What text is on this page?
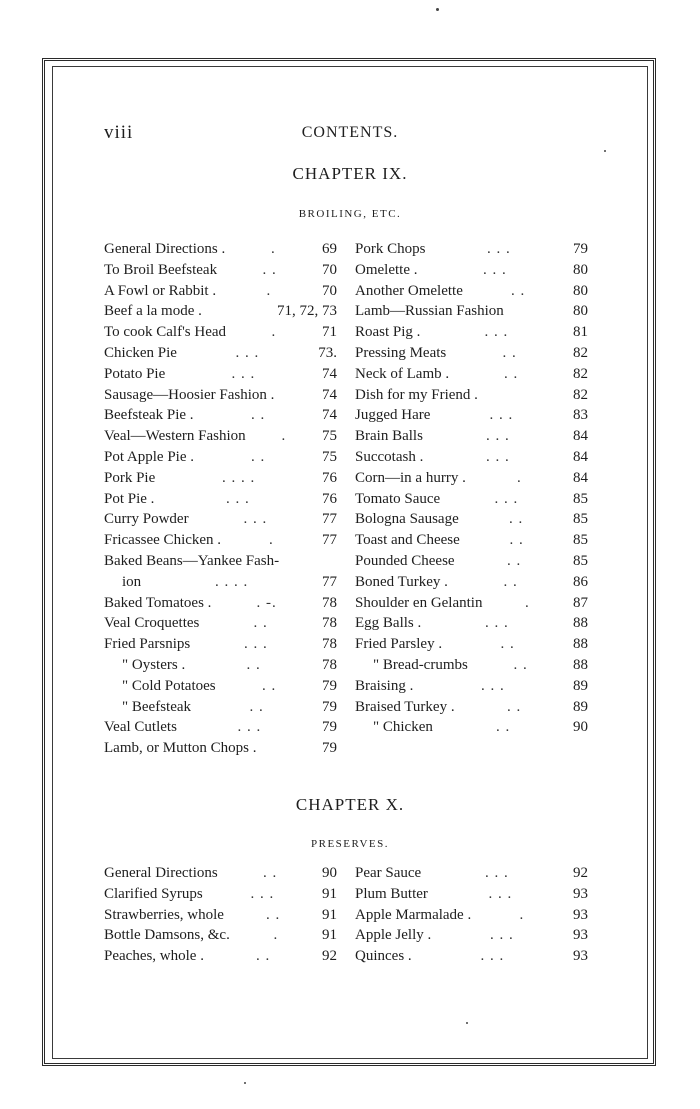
viii	CONTENTS.
CHAPTER IX.
BROILING, ETC.
General Directions .	.	69
To Broil Beefsteak	. .	70
A Fowl or Rabbit .	.	70
Beef a la mode .	71, 72, 73
To cook Calf's Head	.	71
Chicken Pie	. . .	73.
Potato Pie	. . .	74
Sausage—Hoosier Fashion .	74
Beefsteak Pie .	. .	74
Veal—Western Fashion . 75
Pot Apple Pie .	. .	75
Pork Pie	. . . .	76
Pot Pie .	. . .	76
Curry Powder	. . .	77
Fricassee Chicken .	.	77
Baked Beans—Yankee Fash-
ion	. . . .	77
Baked Tomatoes .	. -.	78
Veal Croquettes	. .	78
Fried Parsnips	. . .	78
" Oysters .	. .	78
" Cold Potatoes	. .	79
" Beefsteak	. .	79
Veal Cutlets	. . .	79
Lamb, or Mutton Chops .	79
Pork Chops	. . .	79
Omelette .	. . .	80
Another Omelette	. .	80
Lamb—Russian Fashion	80
Roast Pig .	. . .	81
Pressing Meats	. .	82
Neck of Lamb .	. .	82
Dish for my Friend .	82
Jugged Hare	. . .	83
Brain Balls	. . .	84
Succotash .	. . .	84
Corn—in a hurry .	.	84
Tomato Sauce	. . .	85
Bologna Sausage	. .	85
Toast and Cheese	. .	85
Pounded Cheese	. .	85
Boned Turkey .	. .	86
Shoulder en Gelantin	.	87
Egg Balls .	. . .	88
Fried Parsley .	. .	88
" Bread-crumbs	. .	88
Braising .	. . .	89
Braised Turkey .	. .	89
" Chicken	. .	90
CHAPTER X.
PRESERVES.
General Directions	. .	90
Clarified Syrups	. . .	91
Strawberries, whole	. .	91
Bottle Damsons, &c.	.	91
Peaches, whole .	. .	92
Pear Sauce	. . .	92
Plum Butter	. . .	93
Apple Marmalade .	.	93
Apple Jelly .	. . .	93
Quinces .	. . .	93
